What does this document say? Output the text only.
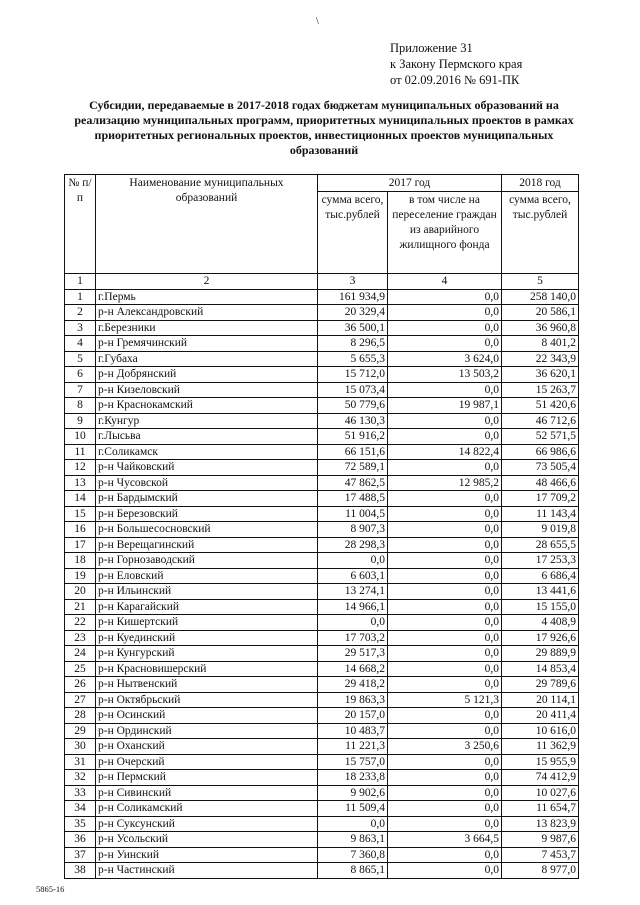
\
Приложение 31
к Закону Пермского края
от 02.09.2016 № 691-ПК
Субсидии, передаваемые в 2017-2018 годах бюджетам муниципальных образований на реализацию муниципальных программ, приоритетных муниципальных проектов в рамках приоритетных региональных проектов, инвестиционных проектов муниципальных образований
№ п/п	Наименование муниципальных образований	2017 год		2018 год
		сумма всего, тыс.рублей	в том числе на переселение граждан из аварийного жилищного фонда	сумма всего, тыс.рублей
1	2	3	4	5
1	г.Пермь	161 934,9	0,0	258 140,0
2	р-н Александровский	20 329,4	0,0	20 586,1
3	г.Березники	36 500,1	0,0	36 960,8
4	р-н Гремячинский	8 296,5	0,0	8 401,2
5	г.Губаха	5 655,3	3 624,0	22 343,9
6	р-н Добрянский	15 712,0	13 503,2	36 620,1
7	р-н Кизеловский	15 073,4	0,0	15 263,7
8	р-н Краснокамский	50 779,6	19 987,1	51 420,6
9	г.Кунгур	46 130,3	0,0	46 712,6
10	г.Лысьва	51 916,2	0,0	52 571,5
11	г.Соликамск	66 151,6	14 822,4	66 986,6
12	р-н Чайковский	72 589,1	0,0	73 505,4
13	р-н Чусовской	47 862,5	12 985,2	48 466,6
14	р-н Бардымский	17 488,5	0,0	17 709,2
15	р-н Березовский	11 004,5	0,0	11 143,4
16	р-н Большесосновский	8 907,3	0,0	9 019,8
17	р-н Верещагинский	28 298,3	0,0	28 655,5
18	р-н Горнозаводский	0,0	0,0	17 253,3
19	р-н Еловский	6 603,1	0,0	6 686,4
20	р-н Ильинский	13 274,1	0,0	13 441,6
21	р-н Карагайский	14 966,1	0,0	15 155,0
22	р-н Кишертский	0,0	0,0	4 408,9
23	р-н Куединский	17 703,2	0,0	17 926,6
24	р-н Кунгурский	29 517,3	0,0	29 889,9
25	р-н Красновишерский	14 668,2	0,0	14 853,4
26	р-н Нытвенский	29 418,2	0,0	29 789,6
27	р-н Октябрьский	19 863,3	5 121,3	20 114,1
28	р-н Осинский	20 157,0	0,0	20 411,4
29	р-н Ординский	10 483,7	0,0	10 616,0
30	р-н Оханский	11 221,3	3 250,6	11 362,9
31	р-н Очерский	15 757,0	0,0	15 955,9
32	р-н Пермский	18 233,8	0,0	74 412,9
33	р-н Сивинский	9 902,6	0,0	10 027,6
34	р-н Соликамский	11 509,4	0,0	11 654,7
35	р-н Суксунский	0,0	0,0	13 823,9
36	р-н Усольский	9 863,1	3 664,5	9 987,6
37	р-н Уинский	7 360,8	0,0	7 453,7
38	р-н Частинский	8 865,1	0,0	8 977,0
5865-16
